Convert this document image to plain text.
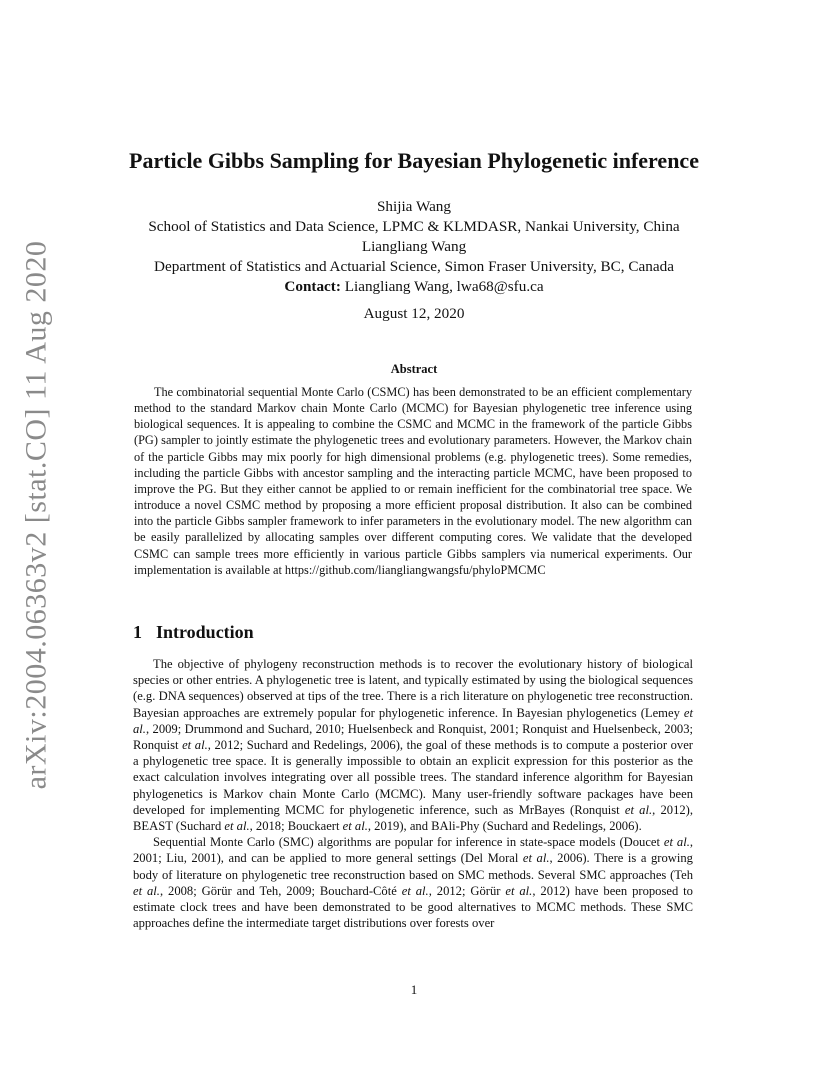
arXiv:2004.06363v2 [stat.CO] 11 Aug 2020
Particle Gibbs Sampling for Bayesian Phylogenetic inference
Shijia Wang
School of Statistics and Data Science, LPMC & KLMDASR, Nankai University, China
Liangliang Wang
Department of Statistics and Actuarial Science, Simon Fraser University, BC, Canada
Contact: Liangliang Wang, lwa68@sfu.ca
August 12, 2020
Abstract

The combinatorial sequential Monte Carlo (CSMC) has been demonstrated to be an efficient complementary method to the standard Markov chain Monte Carlo (MCMC) for Bayesian phylogenetic tree inference using biological sequences. It is appealing to combine the CSMC and MCMC in the framework of the particle Gibbs (PG) sampler to jointly estimate the phylogenetic trees and evolutionary parameters. However, the Markov chain of the particle Gibbs may mix poorly for high dimensional problems (e.g. phylogenetic trees). Some remedies, including the particle Gibbs with ancestor sampling and the interacting particle MCMC, have been proposed to improve the PG. But they either cannot be applied to or remain inefficient for the combinatorial tree space. We introduce a novel CSMC method by proposing a more efficient proposal distribution. It also can be combined into the particle Gibbs sampler framework to infer parameters in the evolutionary model. The new algorithm can be easily parallelized by allocating samples over different computing cores. We validate that the developed CSMC can sample trees more efficiently in various particle Gibbs samplers via numerical experiments. Our implementation is available at https://github.com/liangliangwangsfu/phyloPMCMC

1 Introduction

The objective of phylogeny reconstruction methods is to recover the evolutionary history of biological species or other entries. A phylogenetic tree is latent, and typically estimated by using the biological sequences (e.g. DNA sequences) observed at tips of the tree. There is a rich literature on phylogenetic tree reconstruction. Bayesian approaches are extremely popular for phylogenetic inference. In Bayesian phylogenetics (Lemey et al., 2009; Drummond and Suchard, 2010; Huelsenbeck and Ronquist, 2001; Ronquist and Huelsenbeck, 2003; Ronquist et al., 2012; Suchard and Redelings, 2006), the goal of these methods is to compute a posterior over a phylogenetic tree space. It is generally impossible to obtain an explicit expression for this posterior as the exact calculation involves integrating over all possible trees. The standard inference algorithm for Bayesian phylogenetics is Markov chain Monte Carlo (MCMC). Many user-friendly software packages have been developed for implementing MCMC for phylogenetic inference, such as MrBayes (Ronquist et al., 2012), BEAST (Suchard et al., 2018; Bouckaert et al., 2019), and BAli-Phy (Suchard and Redelings, 2006).

Sequential Monte Carlo (SMC) algorithms are popular for inference in state-space models (Doucet et al., 2001; Liu, 2001), and can be applied to more general settings (Del Moral et al., 2006). There is a growing body of literature on phylogenetic tree reconstruction based on SMC methods. Several SMC approaches (Teh et al., 2008; Görür and Teh, 2009; Bouchard-Côté et al., 2012; Görür et al., 2012) have been proposed to estimate clock trees and have been demonstrated to be good alternatives to MCMC methods. These SMC approaches define the intermediate target distributions over forests over

1
